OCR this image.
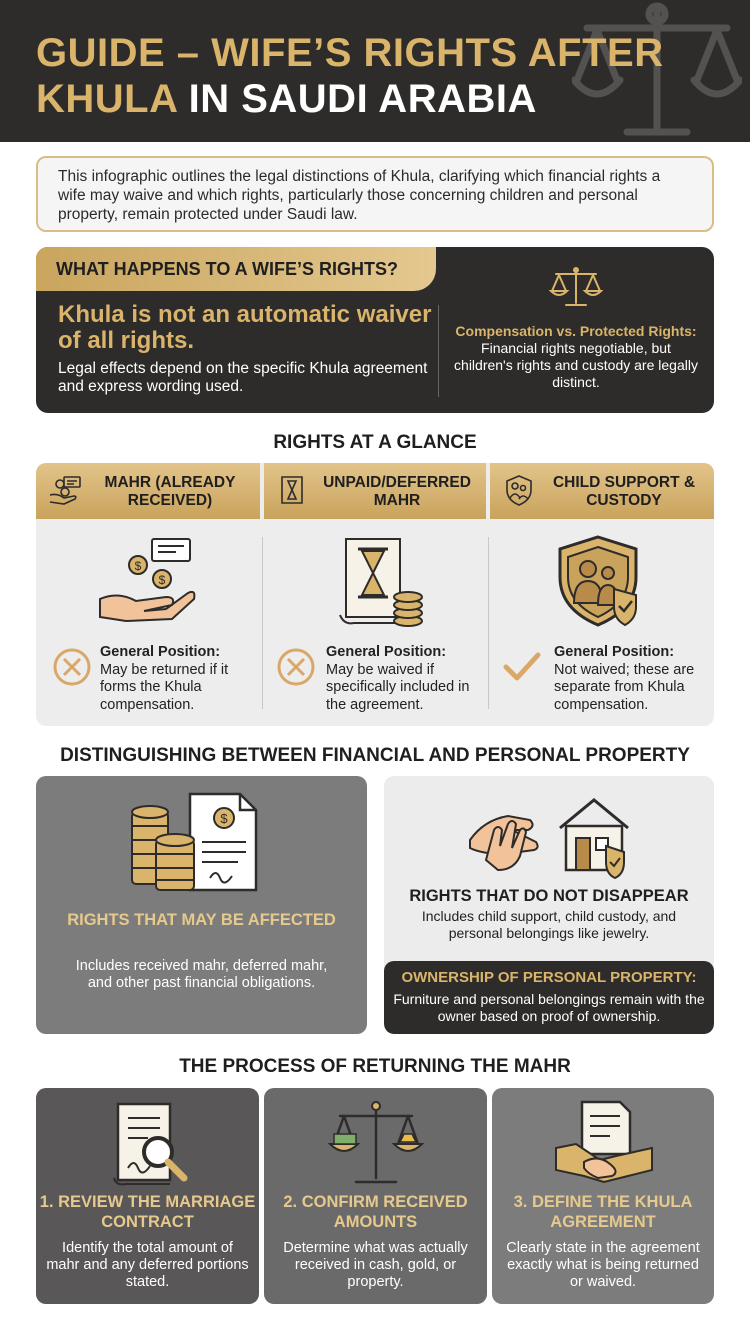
GUIDE – WIFE’S RIGHTS AFTER
KHULA IN SAUDI ARABIA
This infographic outlines the legal distinctions of Khula, clarifying which financial rights a wife may waive and which rights, particularly those concerning children and personal property, remain protected under Saudi law.
WHAT HAPPENS TO A WIFE’S RIGHTS?
Khula is not an automatic waiver of all rights.
Legal effects depend on the specific Khula agreement and express wording used.
Compensation vs. Protected Rights: Financial rights negotiable, but children's rights and custody are legally distinct.
RIGHTS AT A GLANCE
MAHR (ALREADY RECEIVED)
UNPAID/DEFERRED MAHR
CHILD SUPPORT & CUSTODY
$
$
General Position:
May be returned if it forms the Khula compensation.
General Position:
May be waived if specifically included in the agreement.
General Position:
Not waived; these are separate from Khula compensation.
DISTINGUISHING BETWEEN FINANCIAL AND PERSONAL PROPERTY
$
RIGHTS THAT MAY BE AFFECTED
Includes received mahr, deferred mahr, and other past financial obligations.
RIGHTS THAT DO NOT DISAPPEAR
Includes child support, child custody, and personal belongings like jewelry.
OWNERSHIP OF PERSONAL PROPERTY:
Furniture and personal belongings remain with the owner based on proof of ownership.
THE PROCESS OF RETURNING THE MAHR
1. REVIEW THE MARRIAGE CONTRACT
Identify the total amount of mahr and any deferred portions stated.
2. CONFIRM RECEIVED AMOUNTS
Determine what was actually received in cash, gold, or property.
3. DEFINE THE KHULA AGREEMENT
Clearly state in the agreement exactly what is being returned or waived.
